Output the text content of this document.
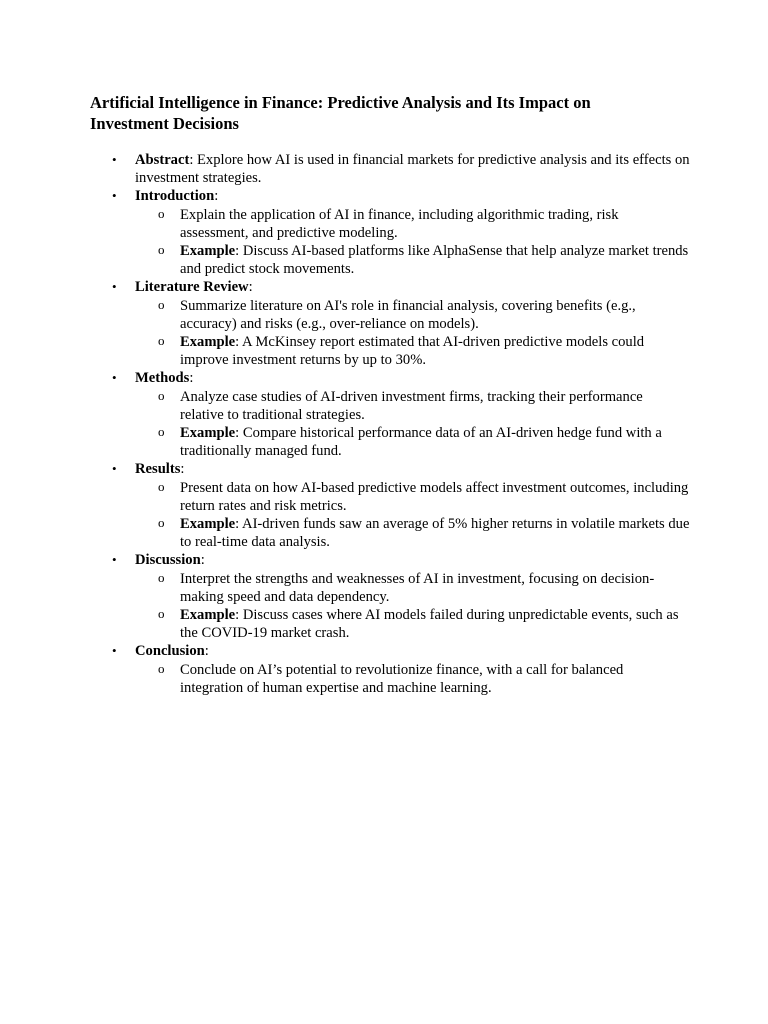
Artificial Intelligence in Finance: Predictive Analysis and Its Impact on Investment Decisions
• Abstract: Explore how AI is used in financial markets for predictive analysis and its effects on investment strategies.
• Introduction:
o Explain the application of AI in finance, including algorithmic trading, risk assessment, and predictive modeling.
o Example: Discuss AI-based platforms like AlphaSense that help analyze market trends and predict stock movements.
• Literature Review:
o Summarize literature on AI's role in financial analysis, covering benefits (e.g., accuracy) and risks (e.g., over-reliance on models).
o Example: A McKinsey report estimated that AI-driven predictive models could improve investment returns by up to 30%.
• Methods:
o Analyze case studies of AI-driven investment firms, tracking their performance relative to traditional strategies.
o Example: Compare historical performance data of an AI-driven hedge fund with a traditionally managed fund.
• Results:
o Present data on how AI-based predictive models affect investment outcomes, including return rates and risk metrics.
o Example: AI-driven funds saw an average of 5% higher returns in volatile markets due to real-time data analysis.
• Discussion:
o Interpret the strengths and weaknesses of AI in investment, focusing on decision-making speed and data dependency.
o Example: Discuss cases where AI models failed during unpredictable events, such as the COVID-19 market crash.
• Conclusion:
o Conclude on AI’s potential to revolutionize finance, with a call for balanced integration of human expertise and machine learning.
